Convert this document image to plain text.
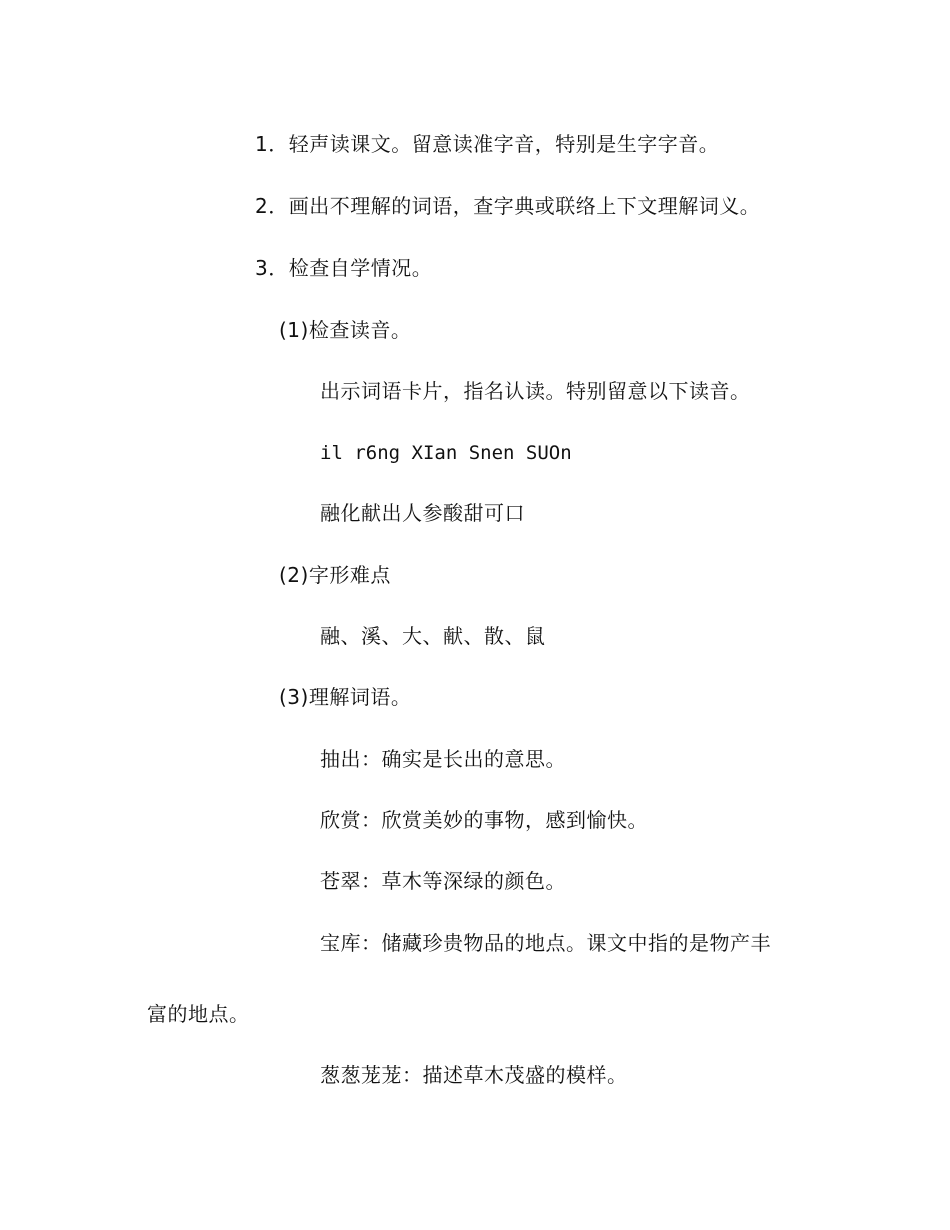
1．轻声读课文。留意读准字音，特别是生字字音。
2．画出不理解的词语，查字典或联络上下文理解词义。
3．检查自学情况。
(1)检查读音。
出示词语卡片，指名认读。特别留意以下读音。
il r6ng XIan Snen SUOn
融化献出人参酸甜可口
(2)字形难点
融、溪、大、献、散、鼠
(3)理解词语。
抽出：确实是长出的意思。
欣赏：欣赏美妙的事物，感到愉快。
苍翠：草木等深绿的颜色。
宝库：储藏珍贵物品的地点。课文中指的是物产丰
富的地点。
葱葱茏茏：描述草木茂盛的模样。
